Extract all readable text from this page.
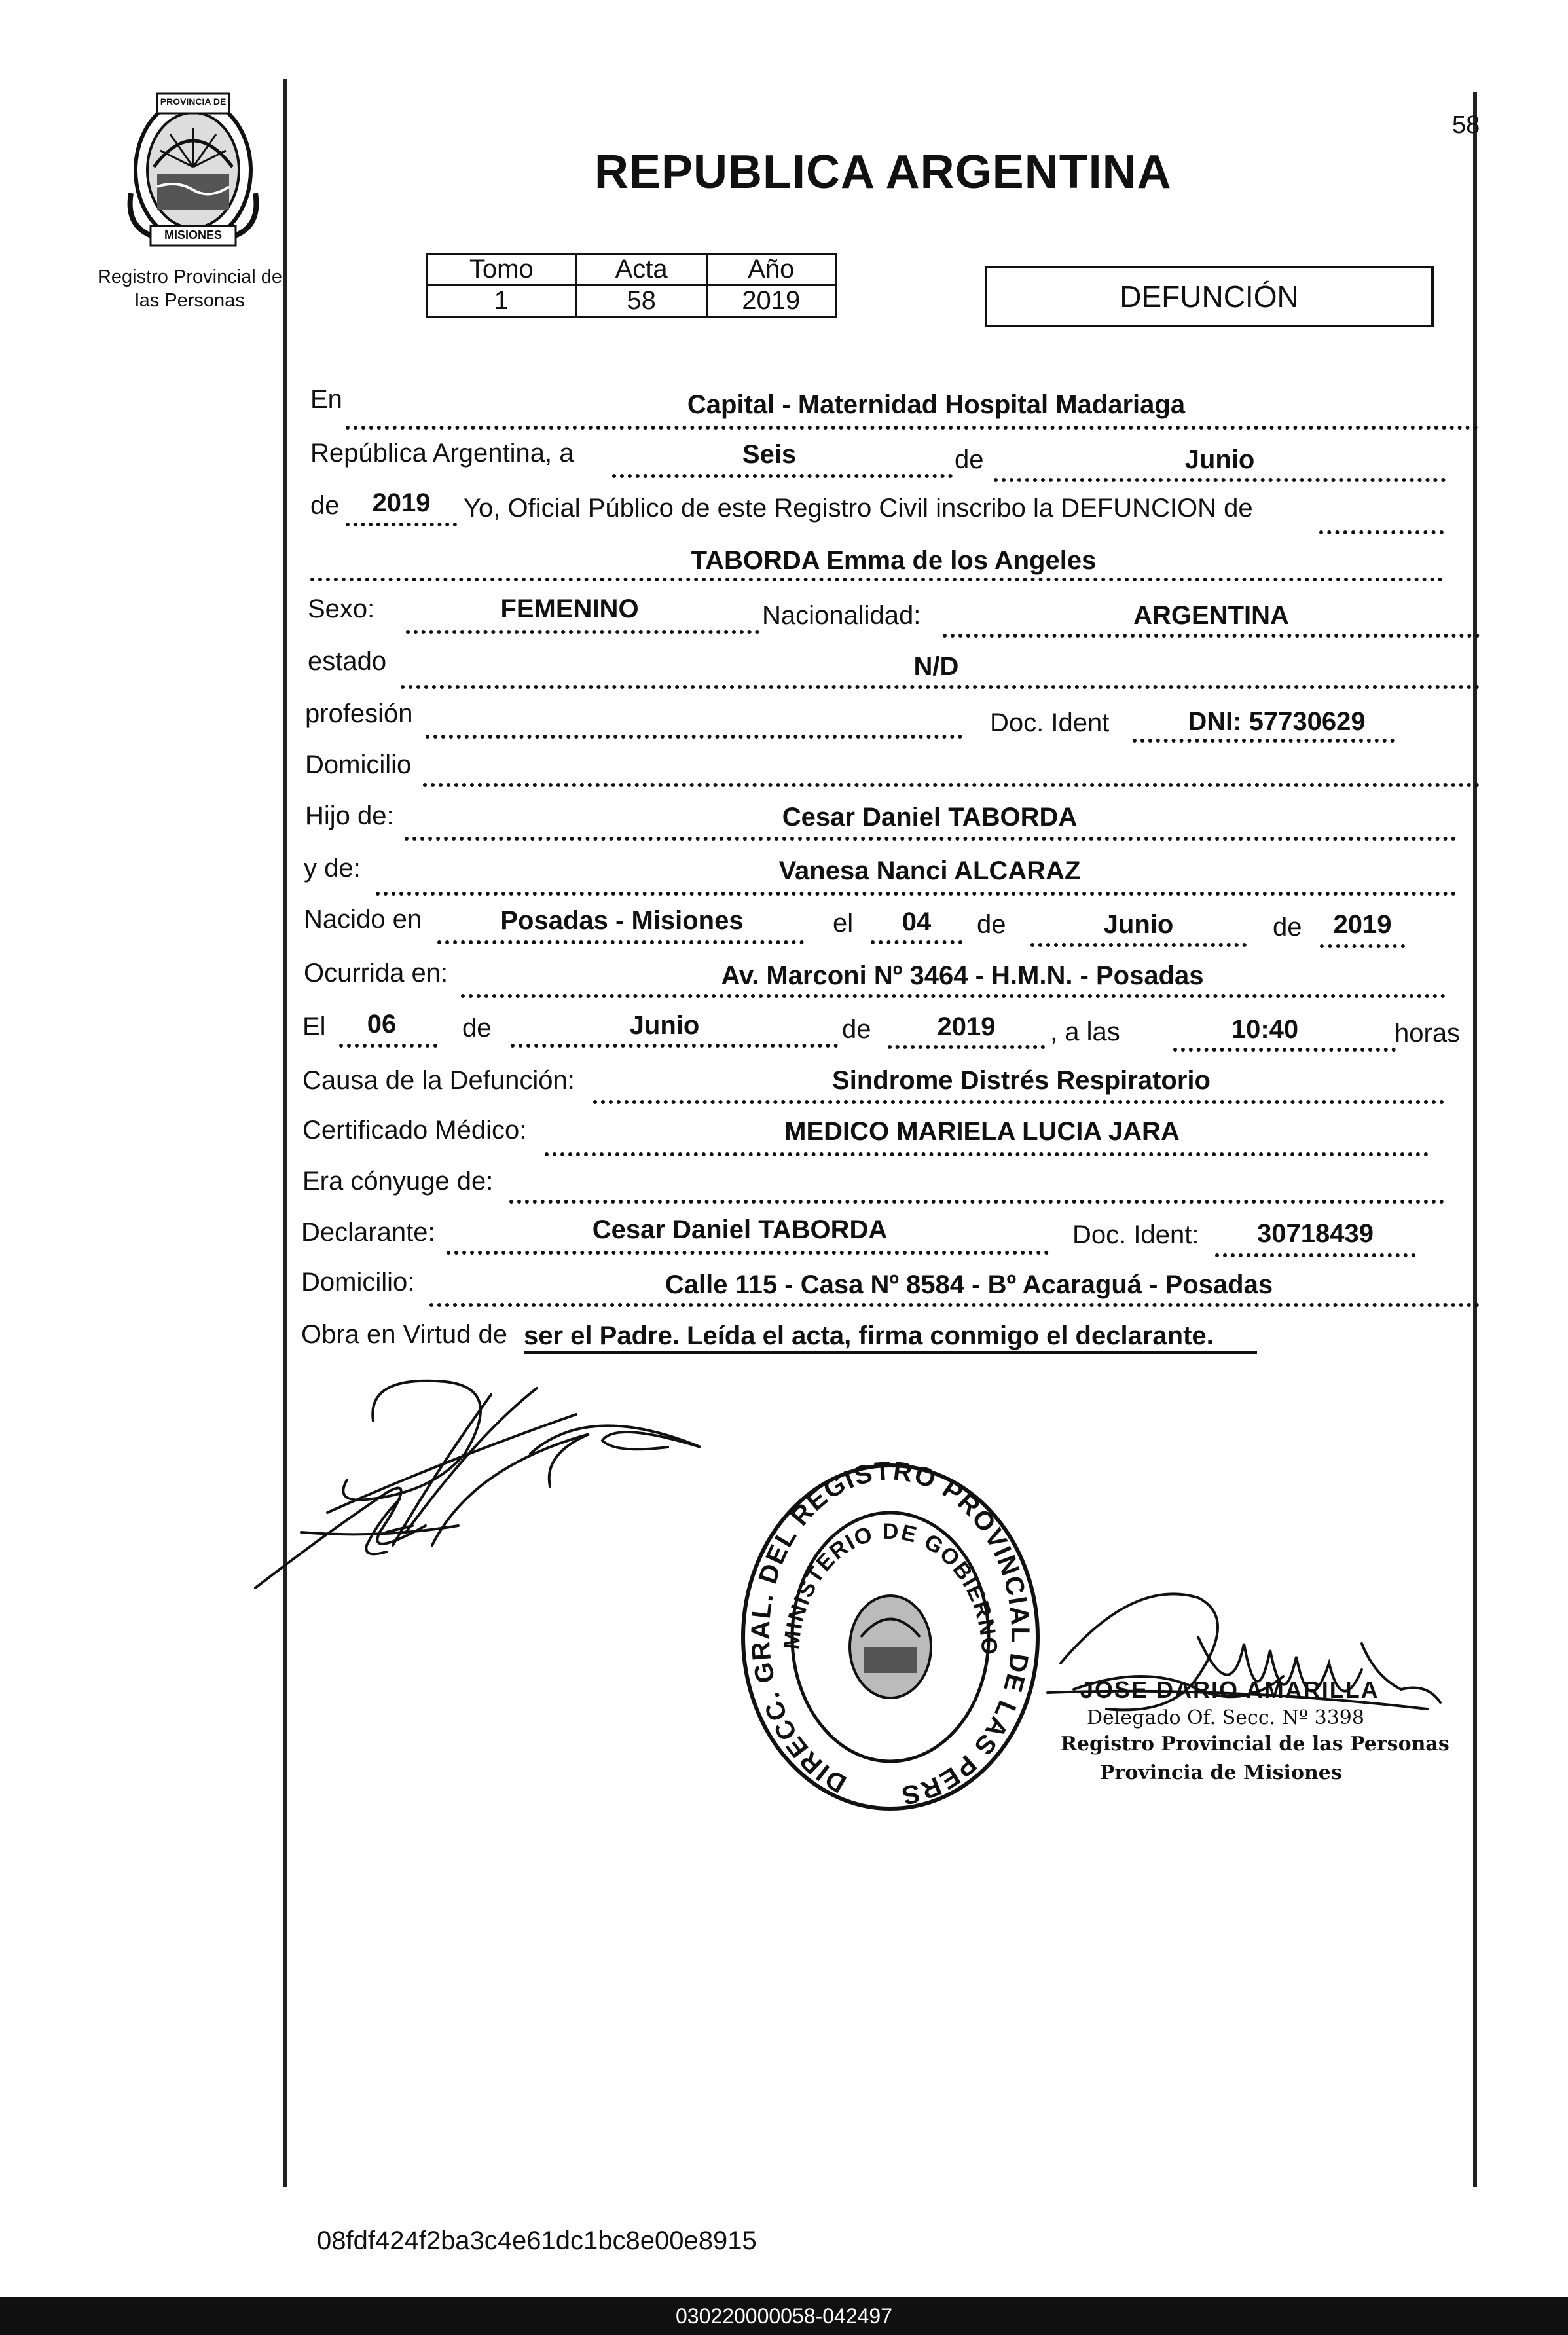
58
PROVINCIA DE
MISIONES
Registro Provincial de
las Personas
REPUBLICA ARGENTINA
Tomo	Acta	Año
1	58	2019	DEFUNCIÓN
En	Capital - Maternidad Hospital Madariaga
República Argentina, a	Seis	de	Junio
de	2019	Yo, Oficial Público de este Registro Civil inscribo la DEFUNCION de
TABORDA Emma de los Angeles
Sexo:	FEMENINO	Nacionalidad:	ARGENTINA
estado	N/D
profesión	Doc. Ident	DNI: 57730629
Domicilio
Hijo de:	Cesar Daniel TABORDA
y de:	Vanesa Nanci ALCARAZ
Nacido en	Posadas - Misiones	el	04	de	Junio	de	2019
Ocurrida en:	Av. Marconi Nº 3464 - H.M.N. - Posadas
El	06	de	Junio	de	2019	, a las	10:40	horas
Causa de la Defunción:	Sindrome Distrés Respiratorio
Certificado Médico:	MEDICO MARIELA LUCIA JARA
Era cónyuge de:
Declarante:	Cesar Daniel TABORDA	Doc. Ident:	30718439
Domicilio:	Calle 115 - Casa Nº 8584 - Bº Acaraguá - Posadas
Obra en Virtud de ser el Padre. Leída el acta, firma conmigo el declarante.
DIRECC. GRAL. DEL REGISTRO PROVINCIAL DE LAS PERS
MINISTERIO DE GOBIERNO
JOSE DARIO AMARILLA
Delegado Of. Secc. Nº 3398
Registro Provincial de las Personas
Provincia de Misiones
08fdf424f2ba3c4e61dc1bc8e00e8915
030220000058-042497
